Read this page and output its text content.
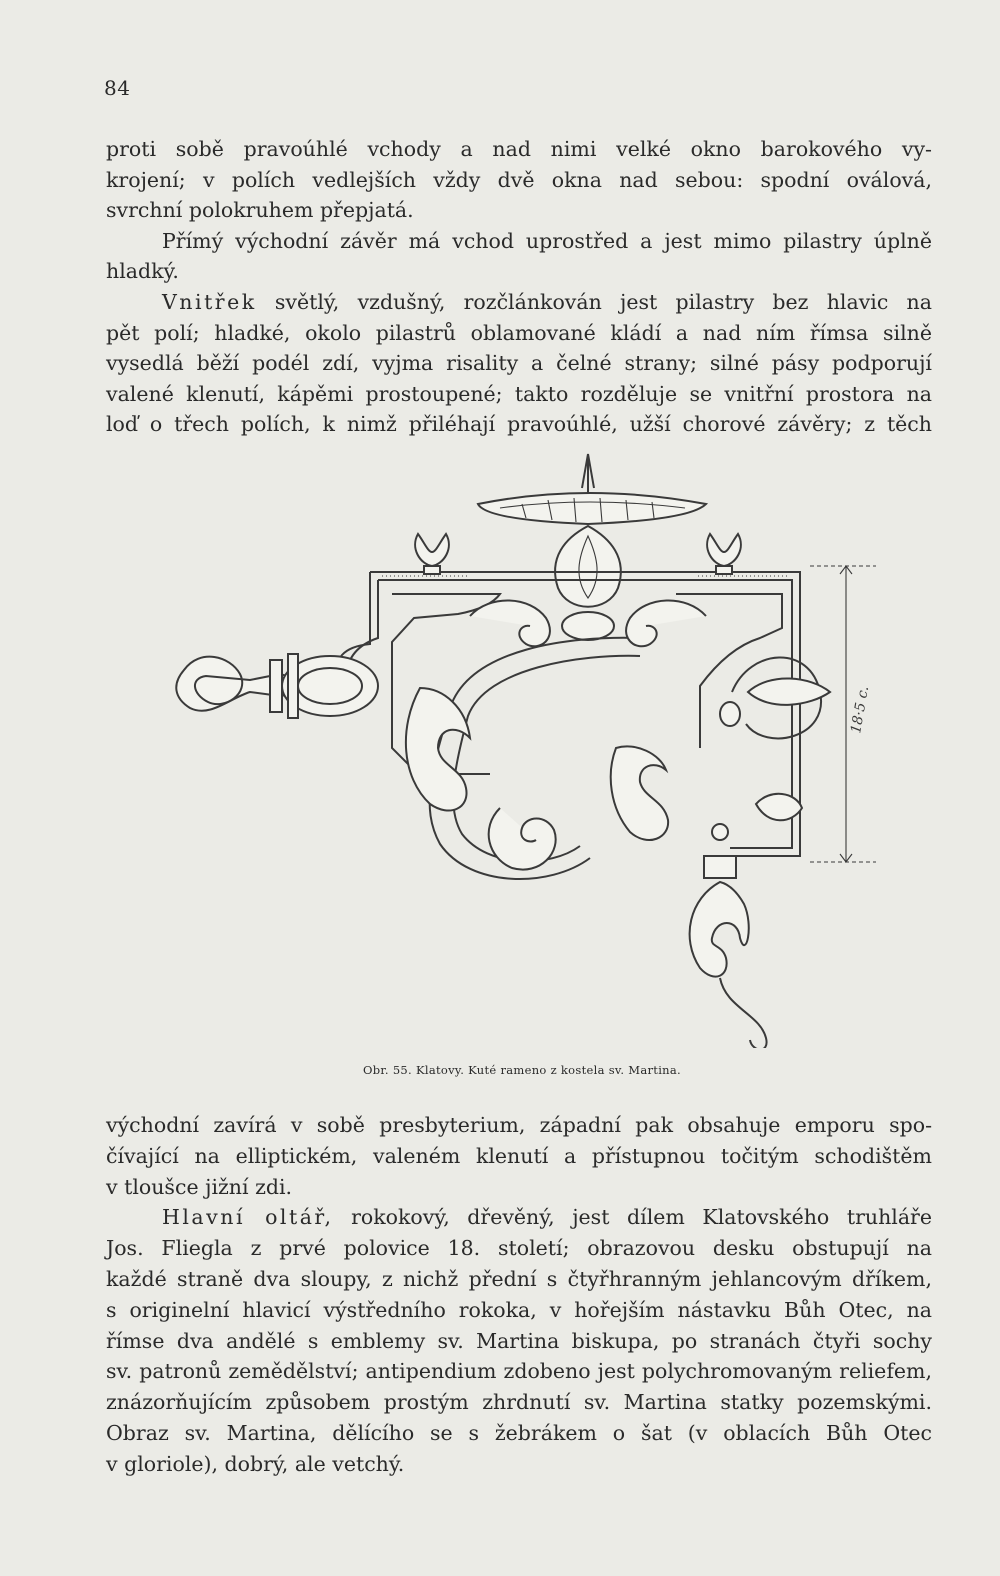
84
proti sobě pravoúhlé vchody a nad nimi velké okno barokového vy-
krojení; v polích vedlejších vždy dvě okna nad sebou: spodní oválová,
svrchní polokruhem přepjatá.
Přímý východní závěr má vchod uprostřed a jest mimo pilastry úplně
hladký.
Vnitřek světlý, vzdušný, rozčlánkován jest pilastry bez hlavic na
pět polí; hladké, okolo pilastrů oblamované kládí a nad ním římsa silně
vysedlá běží podél zdí, vyjma risality a čelné strany; silné pásy podporují
valené klenutí, kápěmi prostoupené; takto rozděluje se vnitřní prostora na
loď o třech polích, k nimž přiléhají pravoúhlé, užší chorové závěry; z těch
18·5 c.
Obr. 55. Klatovy. Kuté rameno z kostela sv. Martina.
východní zavírá v sobě presbyterium, západní pak obsahuje emporu spo-
čívající na elliptickém, valeném klenutí a přístupnou točitým schodištěm
v tloušce jižní zdi.
Hlavní oltář, rokokový, dřevěný, jest dílem Klatovského truhláře
Jos. Fliegla z prvé polovice 18. století; obrazovou desku obstupují na
každé straně dva sloupy, z nichž přední s čtyřhranným jehlancovým dříkem,
s originelní hlavicí výstředního rokoka, v hořejším nástavku Bůh Otec, na
římse dva andělé s emblemy sv. Martina biskupa, po stranách čtyři sochy
sv. patronů zemědělství; antipendium zdobeno jest polychromovaným reliefem,
znázorňujícím způsobem prostým zhrdnutí sv. Martina statky pozemskými.
Obraz sv. Martina, dělícího se s žebrákem o šat (v oblacích Bůh Otec
v gloriole), dobrý, ale vetchý.
